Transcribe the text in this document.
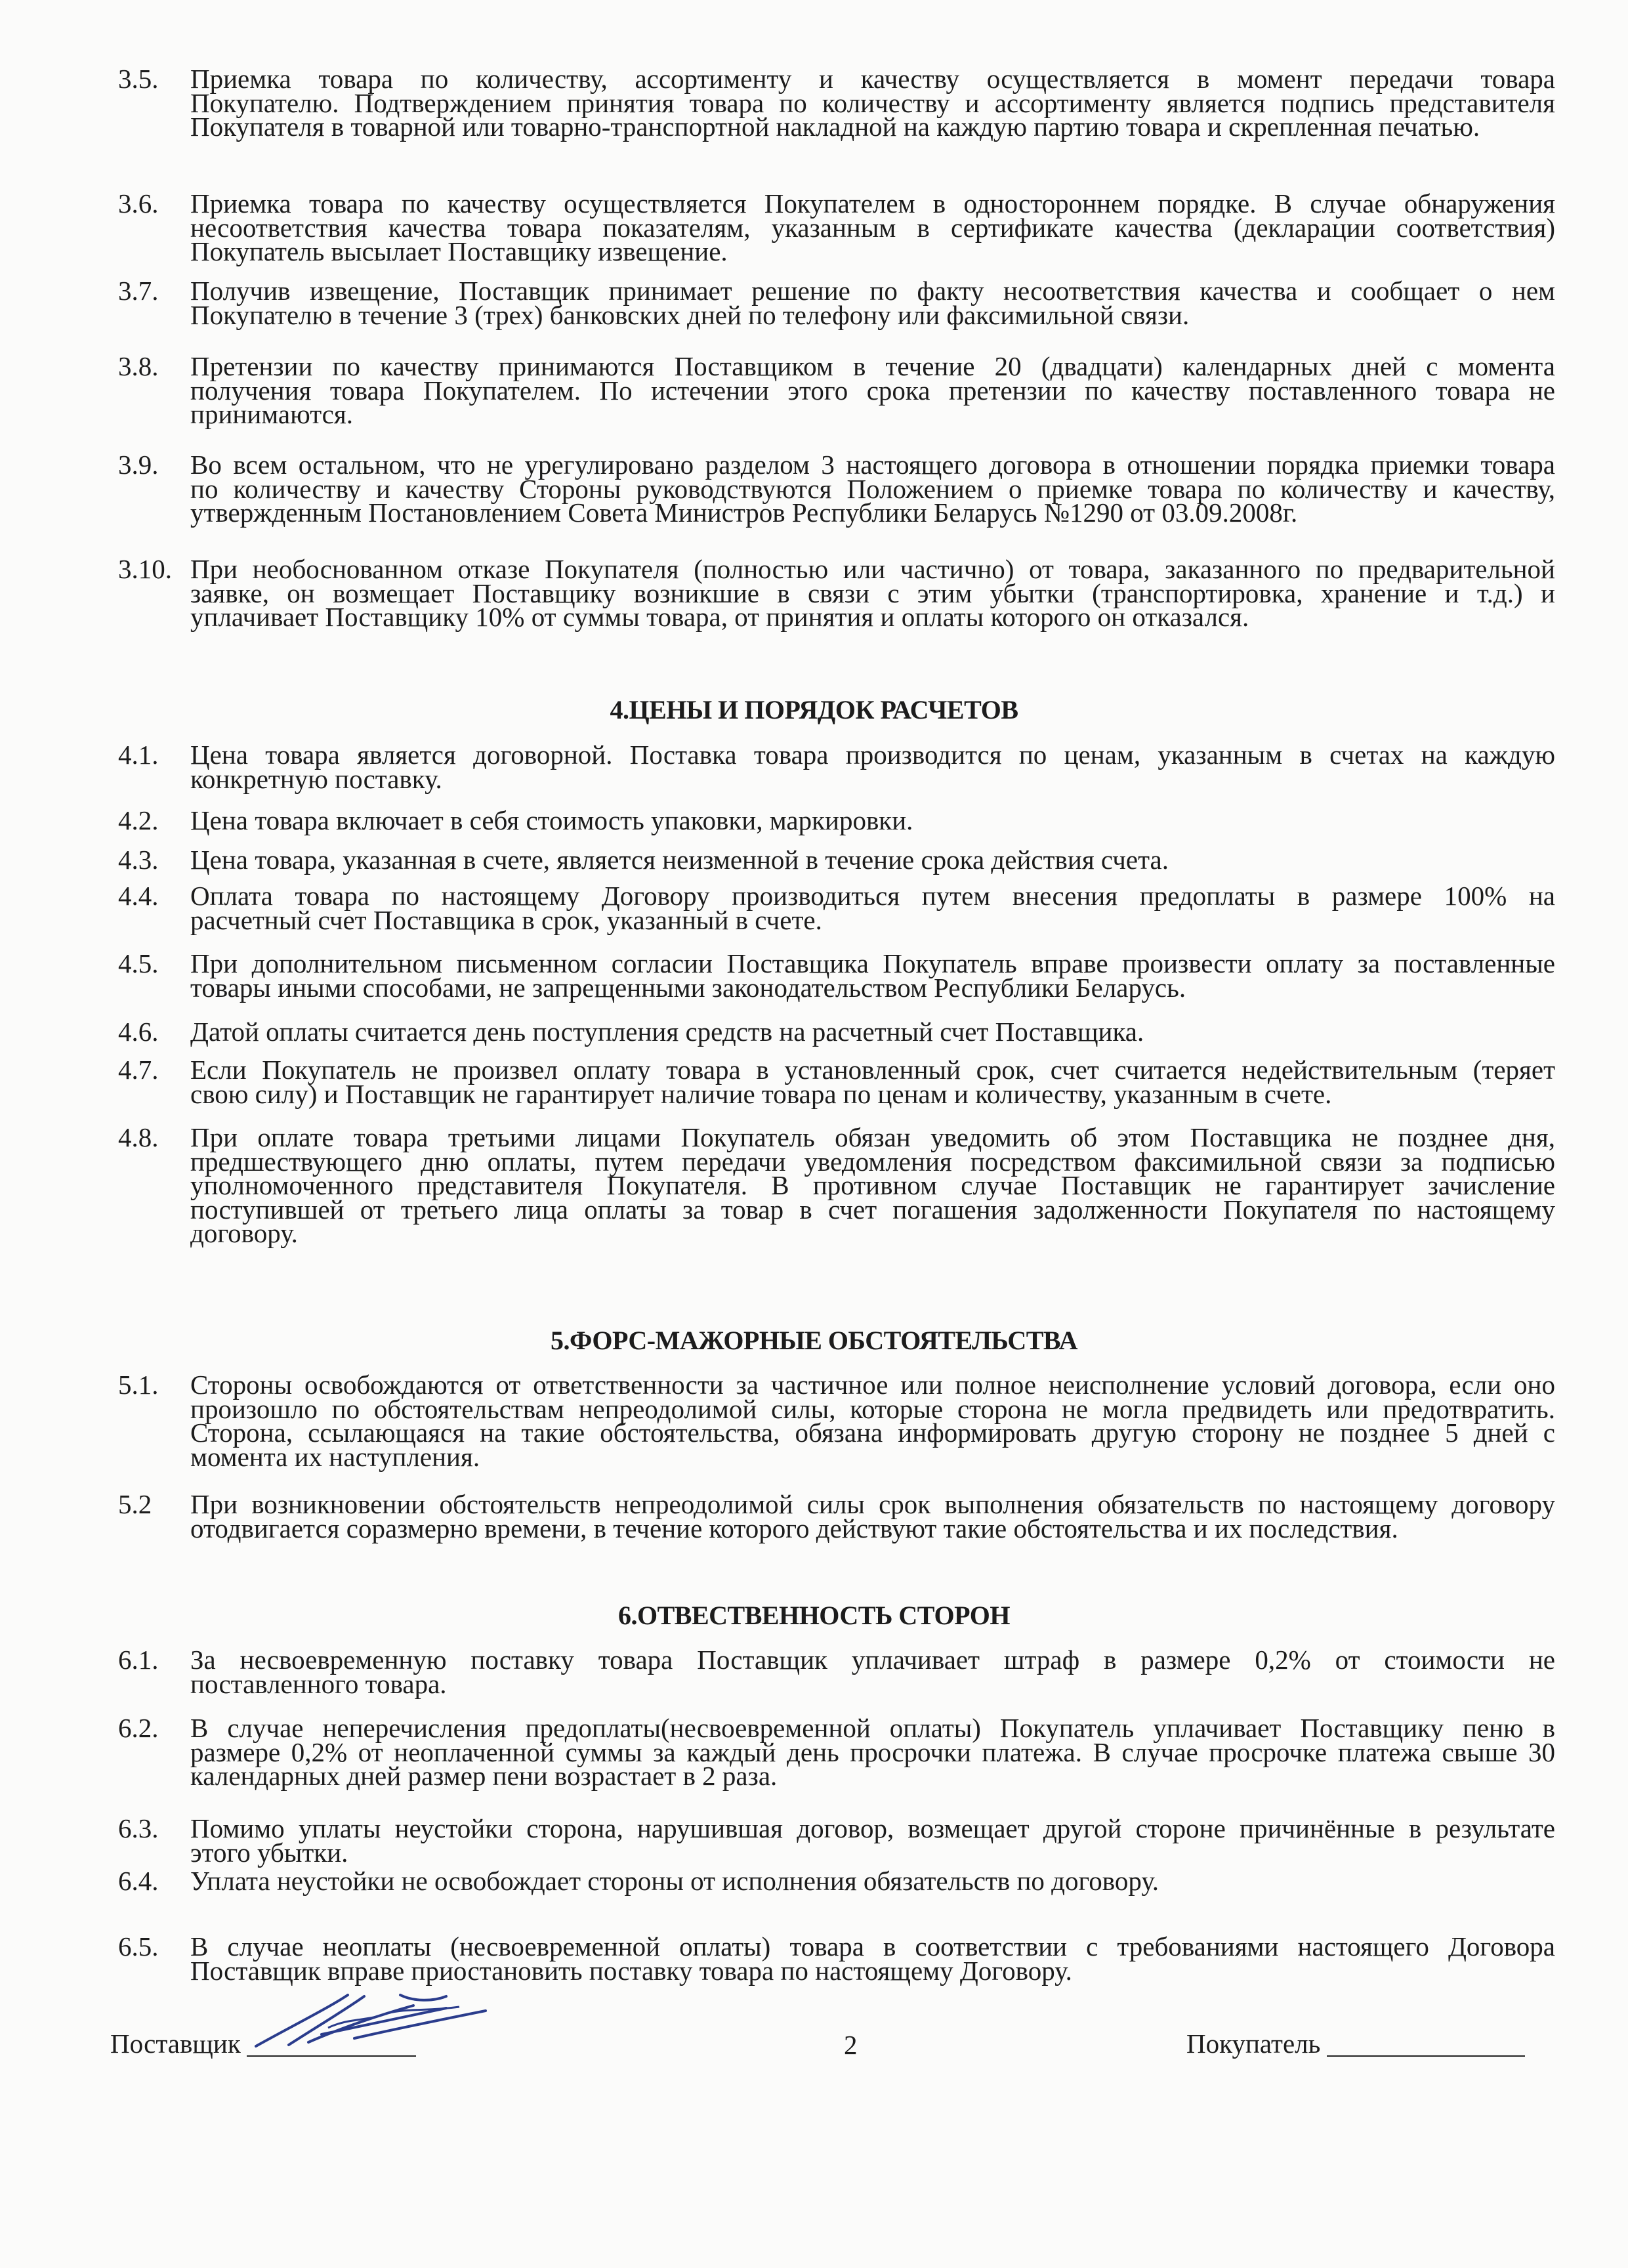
3.5. Приемка товара по количеству, ассортименту и качеству осуществляется в момент передачи товара
Покупателю. Подтверждением принятия товара по количеству и ассортименту является подпись представителя
Покупателя в товарной или товарно-транспортной накладной на каждую партию товара и скрепленная печатью.
3.6. Приемка товара по качеству осуществляется Покупателем в одностороннем порядке. В случае обнаружения
несоответствия качества товара показателям, указанным в сертификате качества (декларации соответствия)
Покупатель высылает Поставщику извещение.
3.7. Получив извещение, Поставщик принимает решение по факту несоответствия качества и сообщает о нем
Покупателю в течение 3 (трех) банковских дней по телефону или факсимильной связи.
3.8. Претензии по качеству принимаются Поставщиком в течение 20 (двадцати) календарных дней с момента
получения товара Покупателем. По истечении этого срока претензии по качеству поставленного товара не
принимаются.
3.9. Во всем остальном, что не урегулировано разделом 3 настоящего договора в отношении порядка приемки товара
по количеству и качеству Стороны руководствуются Положением о приемке товара по количеству и качеству,
утвержденным Постановлением Совета Министров Республики Беларусь №1290 от 03.09.2008г.
3.10. При необоснованном отказе Покупателя (полностью или частично) от товара, заказанного по предварительной
заявке, он возмещает Поставщику возникшие в связи с этим убытки (транспортировка, хранение и т.д.) и
уплачивает Поставщику 10% от суммы товара, от принятия и оплаты которого он отказался.
4.ЦЕНЫ И ПОРЯДОК РАСЧЕТОВ
4.1. Цена товара является договорной. Поставка товара производится по ценам, указанным в счетах на каждую
конкретную поставку.
4.2. Цена товара включает в себя стоимость упаковки, маркировки.
4.3. Цена товара, указанная в счете, является неизменной в течение срока действия счета.
4.4. Оплата товара по настоящему Договору производиться путем внесения предоплаты в размере 100% на
расчетный счет Поставщика в срок, указанный в счете.
4.5. При дополнительном письменном согласии Поставщика Покупатель вправе произвести оплату за поставленные
товары иными способами, не запрещенными законодательством Республики Беларусь.
4.6. Датой оплаты считается день поступления средств на расчетный счет Поставщика.
4.7. Если Покупатель не произвел оплату товара в установленный срок, счет считается недействительным (теряет
свою силу) и Поставщик не гарантирует наличие товара по ценам и количеству, указанным в счете.
4.8. При оплате товара третьими лицами Покупатель обязан уведомить об этом Поставщика не позднее дня,
предшествующего дню оплаты, путем передачи уведомления посредством факсимильной связи за подписью
уполномоченного представителя Покупателя. В противном случае Поставщик не гарантирует зачисление
поступившей от третьего лица оплаты за товар в счет погашения задолженности Покупателя по настоящему
договору.
5.ФОРС-МАЖОРНЫЕ ОБСТОЯТЕЛЬСТВА
5.1. Стороны освобождаются от ответственности за частичное или полное неисполнение условий договора, если оно
произошло по обстоятельствам непреодолимой силы, которые сторона не могла предвидеть или предотвратить.
Сторона, ссылающаяся на такие обстоятельства, обязана информировать другую сторону не позднее 5 дней с
момента их наступления.
5.2 При возникновении обстоятельств непреодолимой силы срок выполнения обязательств по настоящему договору
отодвигается соразмерно времени, в течение которого действуют такие обстоятельства и их последствия.
6.ОТВЕСТВЕННОСТЬ СТОРОН
6.1. За несвоевременную поставку товара Поставщик уплачивает штраф в размере 0,2% от стоимости не
поставленного товара.
6.2. В случае неперечисления предоплаты(несвоевременной оплаты) Покупатель уплачивает Поставщику пеню в
размере 0,2% от неоплаченной суммы за каждый день просрочки платежа. В случае просрочке платежа свыше 30
календарных дней размер пени возрастает в 2 раза.
6.3. Помимо уплаты неустойки сторона, нарушившая договор, возмещает другой стороне причинённые в результате
этого убытки.
6.4. Уплата неустойки не освобождает стороны от исполнения обязательств по договору.
6.5. В случае неоплаты (несвоевременной оплаты) товара в соответствии с требованиями настоящего Договора
Поставщик вправе приостановить поставку товара по настоящему Договору.
Поставщик	2	Покупатель
